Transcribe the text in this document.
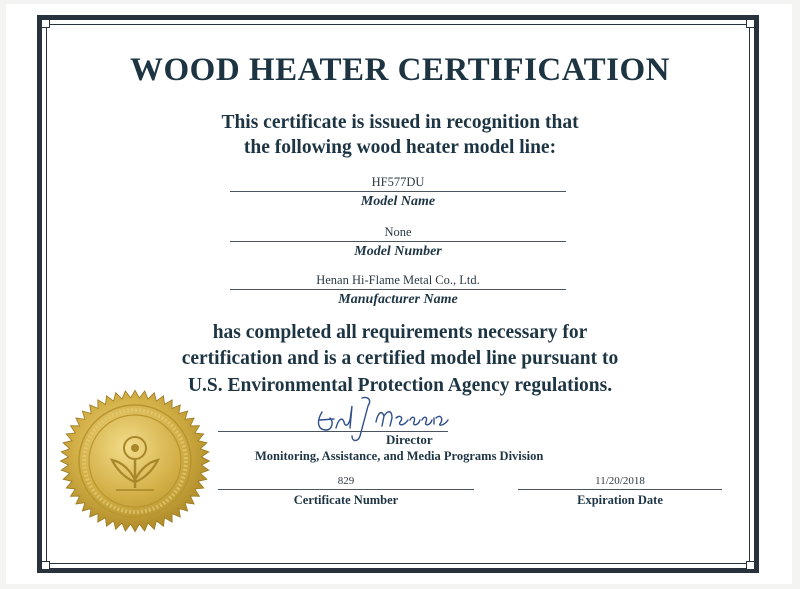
WOOD HEATER CERTIFICATION
This certificate is issued in recognition that
the following wood heater model line:
HF577DU
Model Name
None
Model Number
Henan Hi-Flame Metal Co., Ltd.
Manufacturer Name
has completed all requirements necessary for
certification and is a certified model line pursuant to
U.S. Environmental Protection Agency regulations.
Director
Monitoring, Assistance, and Media Programs Division
829
Certificate Number
11/20/2018
Expiration Date
